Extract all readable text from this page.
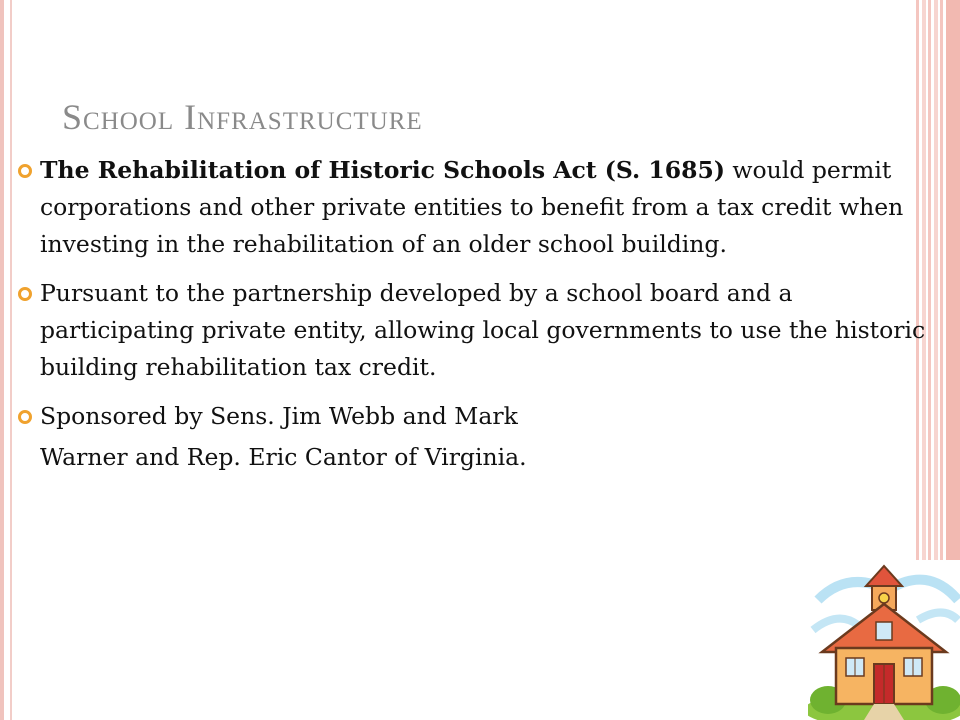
School Infrastructure
The Rehabilitation of Historic Schools Act (S. 1685) would permit corporations and other private entities to benefit from a tax credit when investing in the rehabilitation of an older school building.
Pursuant to the partnership developed by a school board and a participating private entity, allowing local governments to use the historic building rehabilitation tax credit.
Sponsored by Sens. Jim Webb and Mark
Warner and Rep. Eric Cantor of Virginia.
